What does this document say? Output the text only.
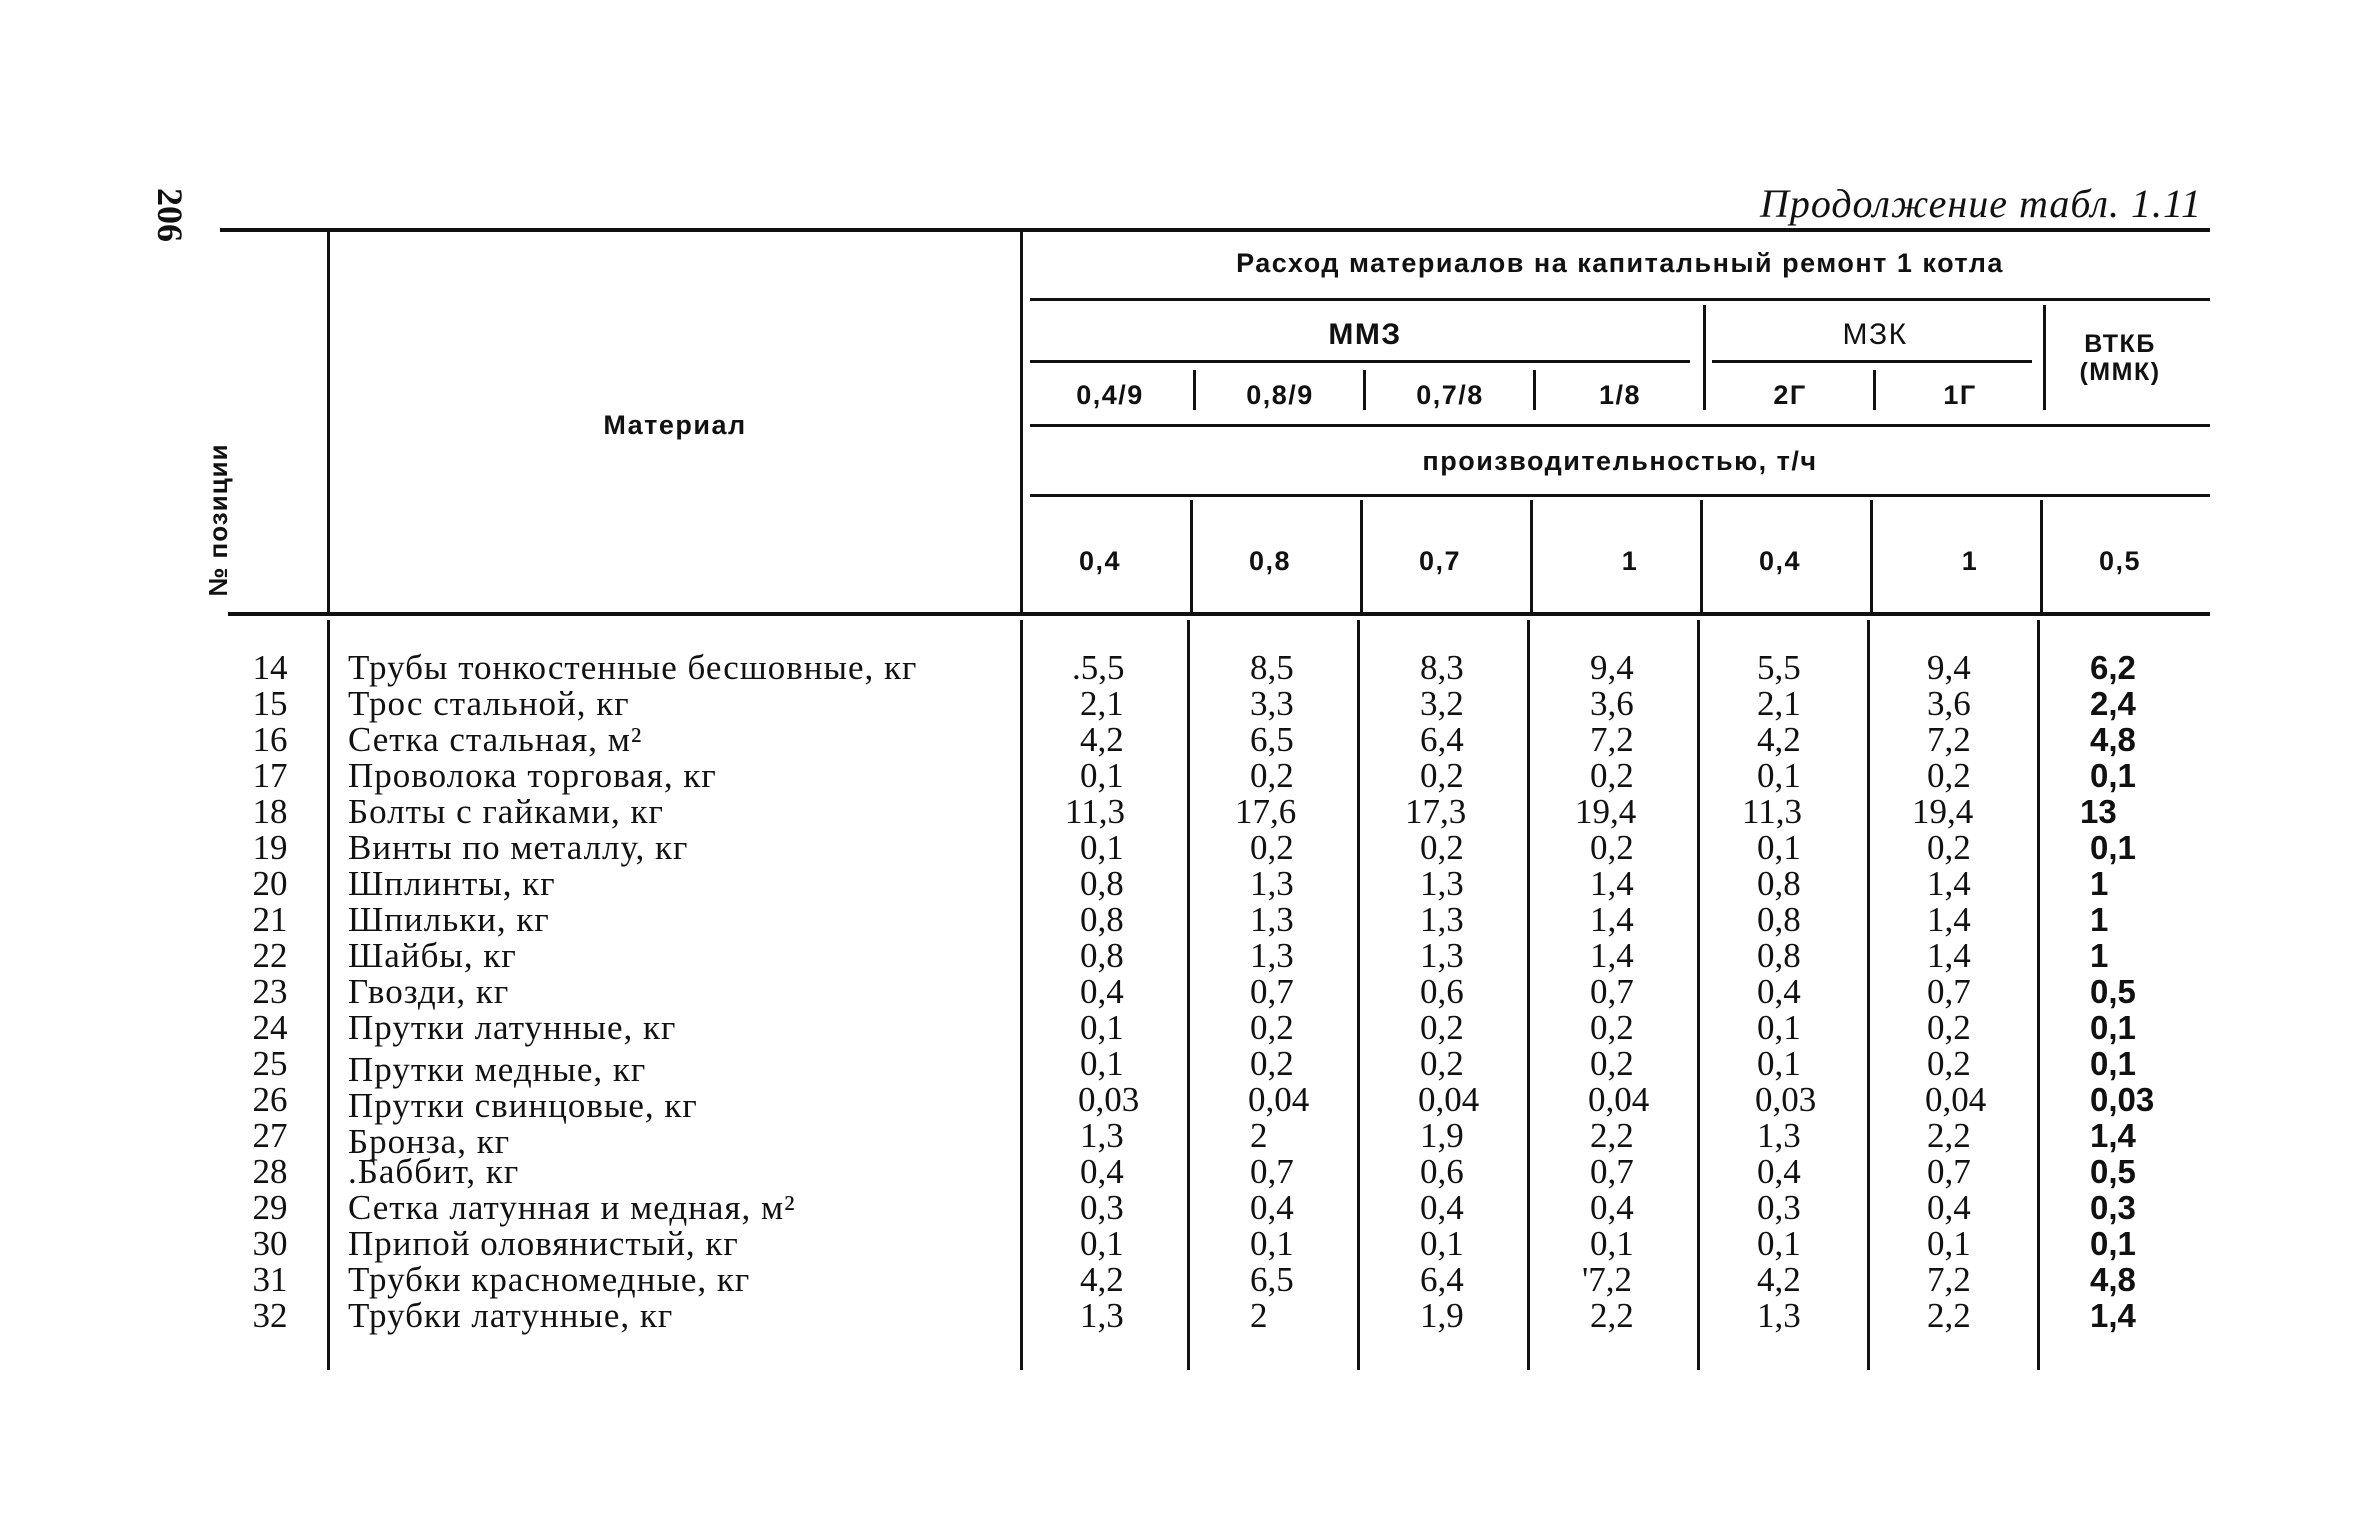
206	Продолжение табл. 1.11
№ позиции
Материал
Расход материалов на капитальный ремонт 1 котла
ММЗ	МЗК	ВТКБ (ММК)
0,4/9	0,8/9	0,7/8	1/8	2Г	1Г
производительностью, т/ч
0,4	0,8	0,7	1	0,4	1	0,5
14	Трубы тонкостенные бесшовные, кг	.5,5	8,5	8,3	9,4	5,5	9,4	6,2
15	Трос стальной, кг	2,1	3,3	3,2	3,6	2,1	3,6	2,4
16	Сетка стальная, м²	4,2	6,5	6,4	7,2	4,2	7,2	4,8
17	Проволока торговая, кг	0,1	0,2	0,2	0,2	0,1	0,2	0,1
18	Болты с гайками, кг	11,3	17,6	17,3	19,4	11,3	19,4	13
19	Винты по металлу, кг	0,1	0,2	0,2	0,2	0,1	0,2	0,1
20	Шплинты, кг	0,8	1,3	1,3	1,4	0,8	1,4	1
21	Шпильки, кг	0,8	1,3	1,3	1,4	0,8	1,4	1
22	Шайбы, кг	0,8	1,3	1,3	1,4	0,8	1,4	1
23	Гвозди, кг	0,4	0,7	0,6	0,7	0,4	0,7	0,5
24	Прутки латунные, кг	0,1	0,2	0,2	0,2	0,1	0,2	0,1
25	Прутки медные, кг	0,1	0,2	0,2	0,2	0,1	0,2	0,1
26	Прутки свинцовые, кг	0,03	0,04	0,04	0,04	0,03	0,04	0,03
27	Бронза, кг	1,3	2	1,9	2,2	1,3	2,2	1,4
28	.Баббит, кг	0,4	0,7	0,6	0,7	0,4	0,7	0,5
29	Сетка латунная и медная, м²	0,3	0,4	0,4	0,4	0,3	0,4	0,3
30	Припой оловянистый, кг	0,1	0,1	0,1	0,1	0,1	0,1	0,1
31	Трубки красномедные, кг	4,2	6,5	6,4	'7,2	4,2	7,2	4,8
32	Трубки латунные, кг	1,3	2	1,9	2,2	1,3	2,2	1,4
